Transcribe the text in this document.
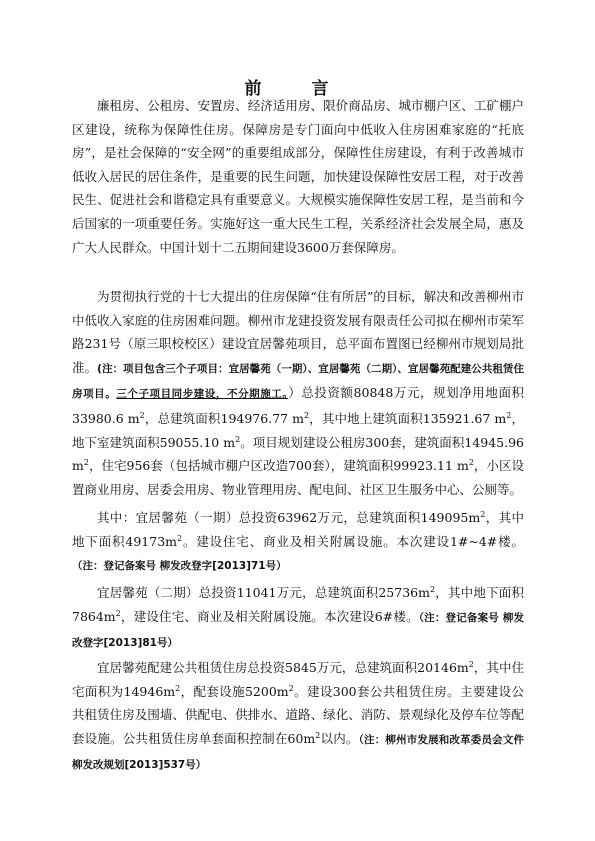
前 言

廉租房、公租房、安置房、经济适用房、限价商品房、城市棚户区、工矿棚户区建设，统称为保障性住房。保障房是专门面向中低收入住房困难家庭的“托底房”，是社会保障的“安全网”的重要组成部分，保障性住房建设，有利于改善城市低收入居民的居住条件，是重要的民生问题，加快建设保障性安居工程，对于改善民生、促进社会和谐稳定具有重要意义。大规模实施保障性安居工程，是当前和今后国家的一项重要任务。实施好这一重大民生工程，关系经济社会发展全局，惠及广大人民群众。中国计划十二五期间建设3600万套保障房。

为贯彻执行党的十七大提出的住房保障“住有所居”的目标，解决和改善柳州市中低收入家庭的住房困难问题。柳州市龙建投资发展有限责任公司拟在柳州市荣军路231号（原三职校校区）建设宜居馨苑项目，总平面布置图已经柳州市规划局批准。(注：项目包含三个子项目：宜居馨苑（一期）、宜居馨苑（二期）、宜居馨苑配建公共租赁住房项目。三个子项目同步建设，不分期施工。）总投资额80848万元，规划净用地面积33980.6 $m^2$，总建筑面积194976.77 $m^2$，其中地上建筑面积135921.67 $m^2$，地下室建筑面积59055.10 $m^2$。项目规划建设公租房300套，建筑面积14945.96 $m^2$，住宅956套（包括城市棚户区改造700套），建筑面积99923.11 $m^2$，小区设置商业用房、居委会用房、物业管理用房、配电间、社区卫生服务中心、公厕等。

其中：宜居馨苑（一期）总投资63962万元，总建筑面积$149095m^2$，其中地下面积$49173m^2$。建设住宅、商业及相关附属设施。本次建设1#~4#楼。（注：登记备案号 柳发改登字[2013]71号）

宜居馨苑（二期）总投资11041万元，总建筑面积$25736m^2$，其中地下面积$7864m^2$，建设住宅、商业及相关附属设施。本次建设6#楼。（注：登记备案号 柳发改登字[2013]81号）

宜居馨苑配建公共租赁住房总投资5845万元，总建筑面积$20146m^2$，其中住宅面积为$14946m^2$，配套设施$5200m^2$。建设300套公共租赁住房。主要建设公共租赁住房及围墙、供配电、供排水、道路、绿化、消防、景观绿化及停车位等配套设施。公共租赁住房单套面积控制在$60m^2$以内。（注：柳州市发展和改革委员会文件柳发改规划[2013]537号）
